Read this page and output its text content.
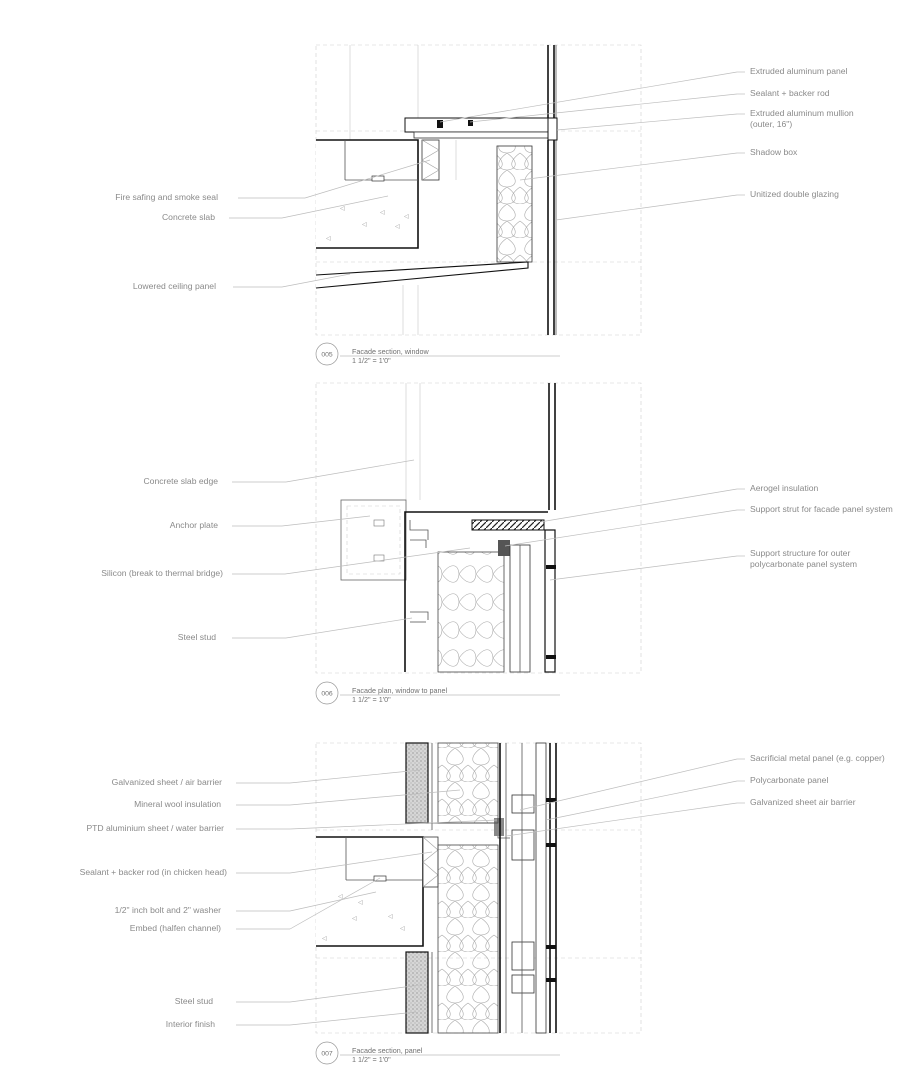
◁
◁
◁
◁
◁
◁
005	Facade section, window
1 1/2" = 1'0"
Fire safing and smoke seal
Concrete slab
Lowered ceiling panel
Extruded aluminum panel
Sealant + backer rod
Extruded aluminum mullion
(outer, 16")
Shadow box
Unitized double glazing
006	Facade plan, window to panel
1 1/2" = 1'0"
Concrete slab edge
Anchor plate
Silicon (break to thermal bridge)
Steel stud
Aerogel insulation
Support strut for facade panel system
Support structure for outer
polycarbonate panel system
◁
◁
◁
◁
◁
◁
007	Facade section, panel
1 1/2" = 1'0"
Galvanized sheet / air barrier
Mineral wool insulation
PTD aluminium sheet / water barrier
Sealant + backer rod (in chicken head)
1/2" inch bolt and 2" washer
Embed (halfen channel)
Steel stud
Interior finish
Sacrificial metal panel (e.g. copper)
Polycarbonate panel
Galvanized sheet air barrier
